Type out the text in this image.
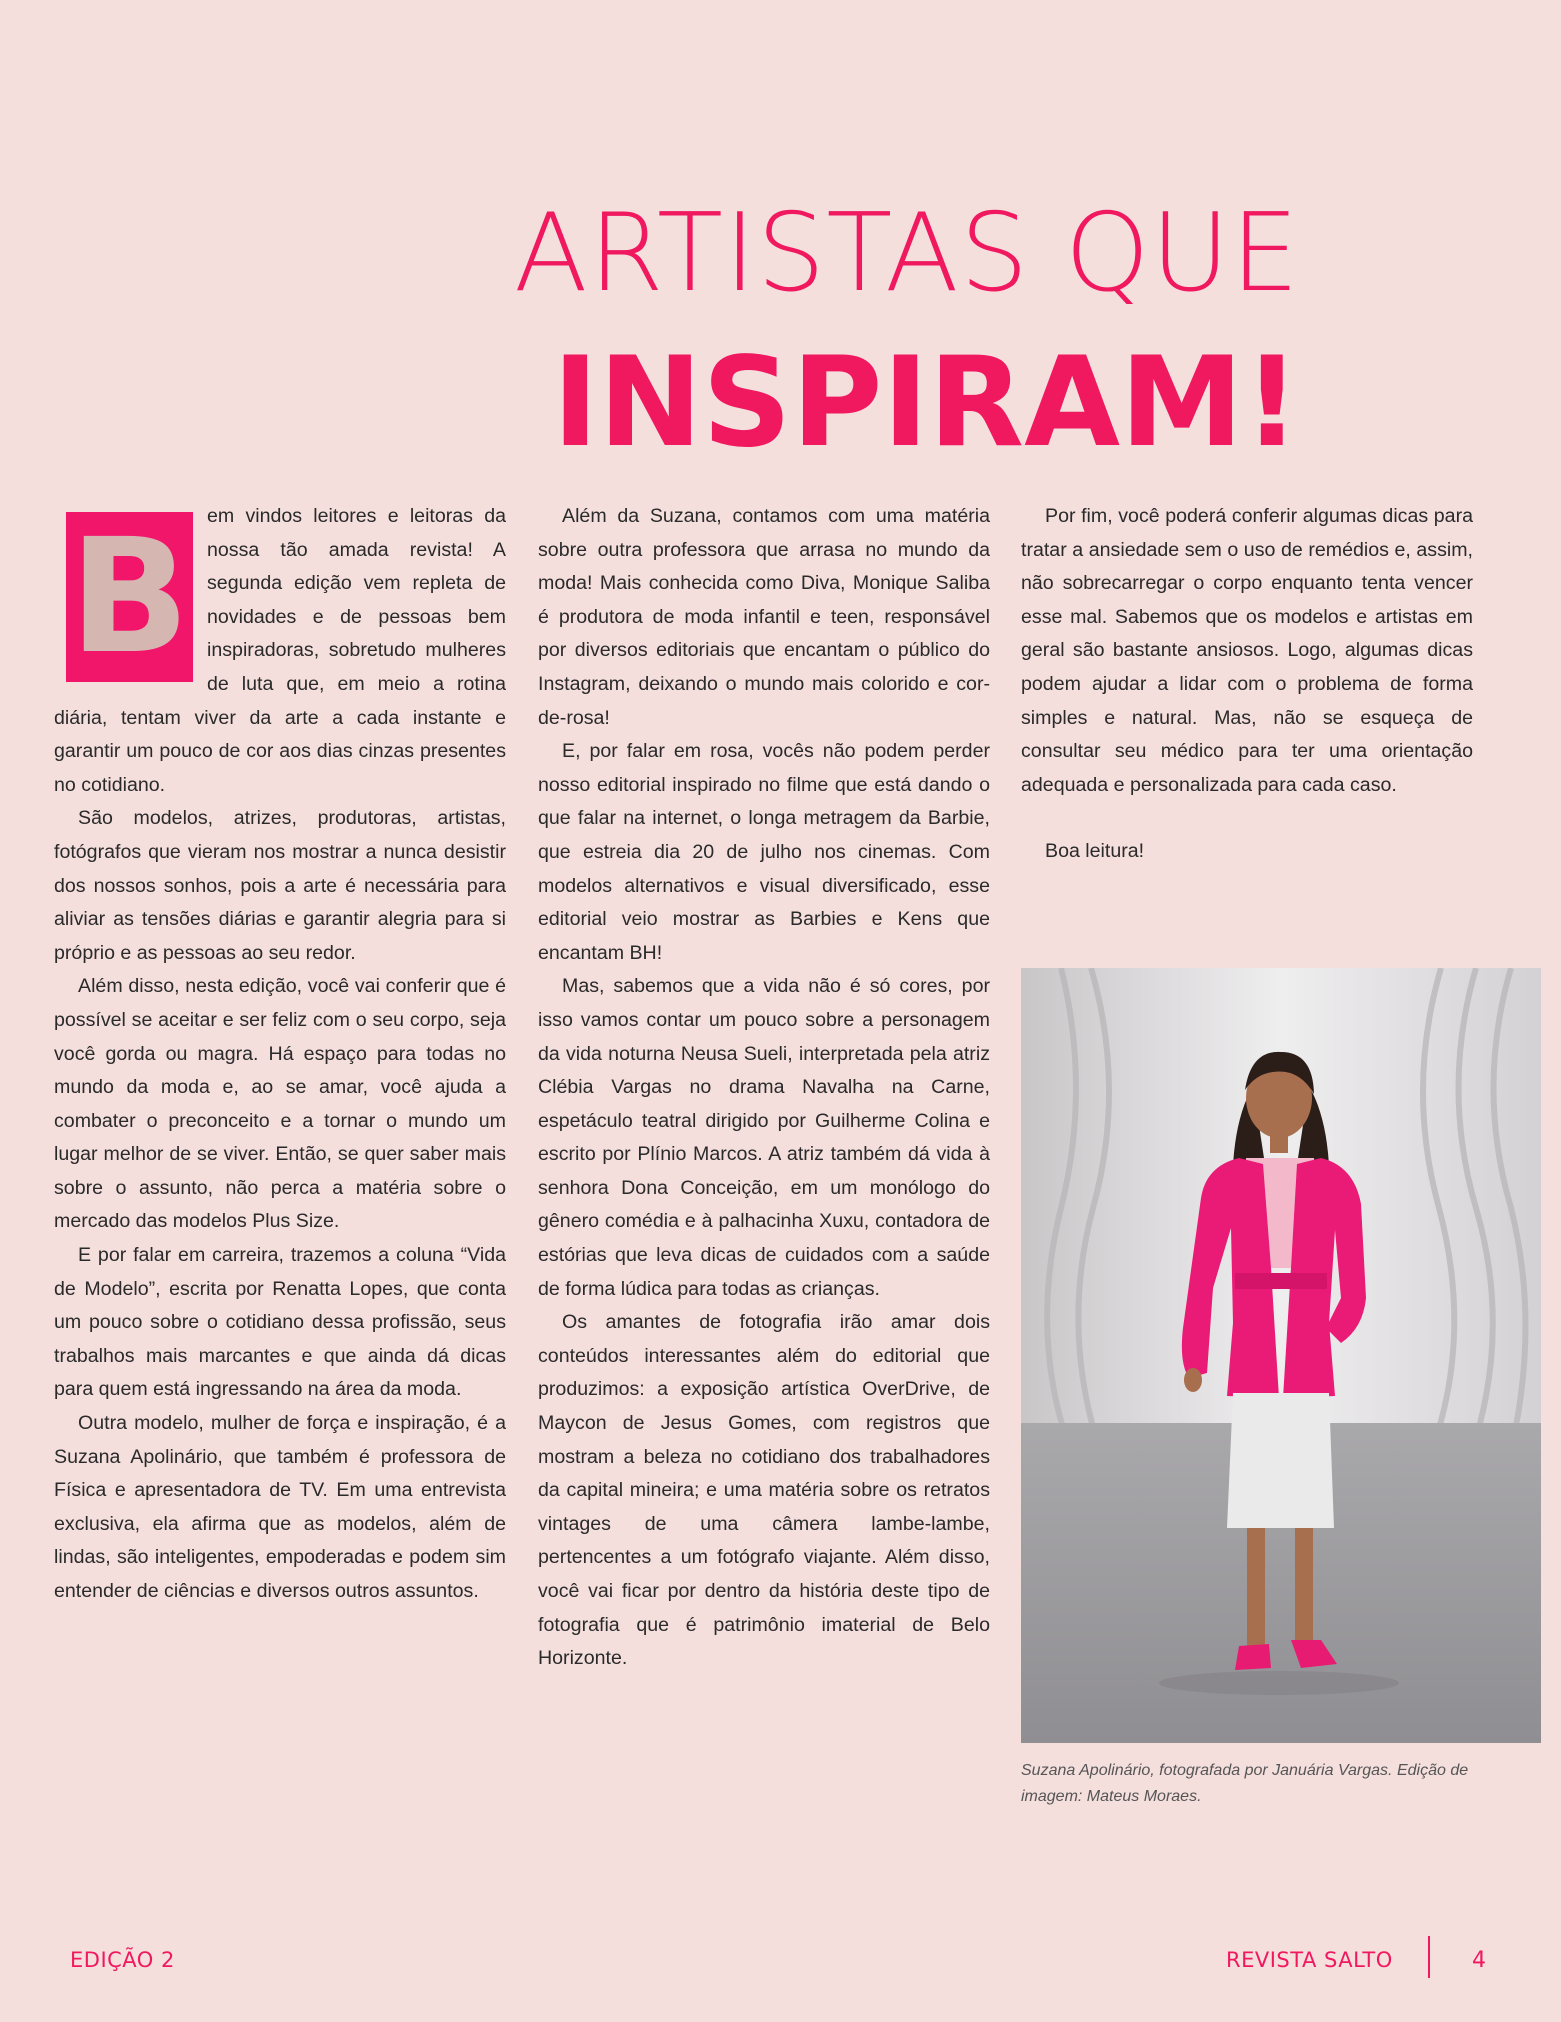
ARTISTAS QUE
INSPIRAM!
B em vindos leitores e leitoras da nossa tão amada revista! A segunda edição vem repleta de novidades e de pessoas bem inspiradoras, sobretudo mulheres de luta que, em meio a rotina diária, tentam viver da arte a cada instante e garantir um pouco de cor aos dias cinzas presentes no cotidiano.

São modelos, atrizes, produtoras, artistas, fotógrafos que vieram nos mostrar a nunca desistir dos nossos sonhos, pois a arte é necessária para aliviar as tensões diárias e garantir alegria para si próprio e as pessoas ao seu redor.

Além disso, nesta edição, você vai conferir que é possível se aceitar e ser feliz com o seu corpo, seja você gorda ou magra. Há espaço para todas no mundo da moda e, ao se amar, você ajuda a combater o preconceito e a tornar o mundo um lugar melhor de se viver. Então, se quer saber mais sobre o assunto, não perca a matéria sobre o mercado das modelos Plus Size.

E por falar em carreira, trazemos a coluna “Vida de Modelo”, escrita por Renatta Lopes, que conta um pouco sobre o cotidiano dessa profissão, seus trabalhos mais marcantes e que ainda dá dicas para quem está ingressando na área da moda.

Outra modelo, mulher de força e inspiração, é a Suzana Apolinário, que também é professora de Física e apresentadora de TV. Em uma entrevista exclusiva, ela afirma que as modelos, além de lindas, são inteligentes, empoderadas e podem sim entender de ciências e diversos outros assuntos.

Além da Suzana, contamos com uma matéria sobre outra professora que arrasa no mundo da moda! Mais conhecida como Diva, Monique Saliba é produtora de moda infantil e teen, responsável por diversos editoriais que encantam o público do Instagram, deixando o mundo mais colorido e cor-de-rosa!

E, por falar em rosa, vocês não podem perder nosso editorial inspirado no filme que está dando o que falar na internet, o longa metragem da Barbie, que estreia dia 20 de julho nos cinemas. Com modelos alternativos e visual diversificado, esse editorial veio mostrar as Barbies e Kens que encantam BH!

Mas, sabemos que a vida não é só cores, por isso vamos contar um pouco sobre a personagem da vida noturna Neusa Sueli, interpretada pela atriz Clébia Vargas no drama Navalha na Carne, espetáculo teatral dirigido por Guilherme Colina e escrito por Plínio Marcos. A atriz também dá vida à senhora Dona Conceição, em um monólogo do gênero comédia e à palhacinha Xuxu, contadora de estórias que leva dicas de cuidados com a saúde de forma lúdica para todas as crianças.

Os amantes de fotografia irão amar dois conteúdos interessantes além do editorial que produzimos: a exposição artística OverDrive, de Maycon de Jesus Gomes, com registros que mostram a beleza no cotidiano dos trabalhadores da capital mineira; e uma matéria sobre os retratos vintages de uma câmera lambe-lambe, pertencentes a um fotógrafo viajante. Além disso, você vai ficar por dentro da história deste tipo de fotografia que é patrimônio imaterial de Belo Horizonte.

Por fim, você poderá conferir algumas dicas para tratar a ansiedade sem o uso de remédios e, assim, não sobrecarregar o corpo enquanto tenta vencer esse mal. Sabemos que os modelos e artistas em geral são bastante ansiosos. Logo, algumas dicas podem ajudar a lidar com o problema de forma simples e natural. Mas, não se esqueça de consultar seu médico para ter uma orientação adequada e personalizada para cada caso.

Boa leitura!

Suzana Apolinário, fotografada por Januária Vargas. Edição de imagem: Mateus Moraes.
EDIÇÃO 2	REVISTA SALTO	4
